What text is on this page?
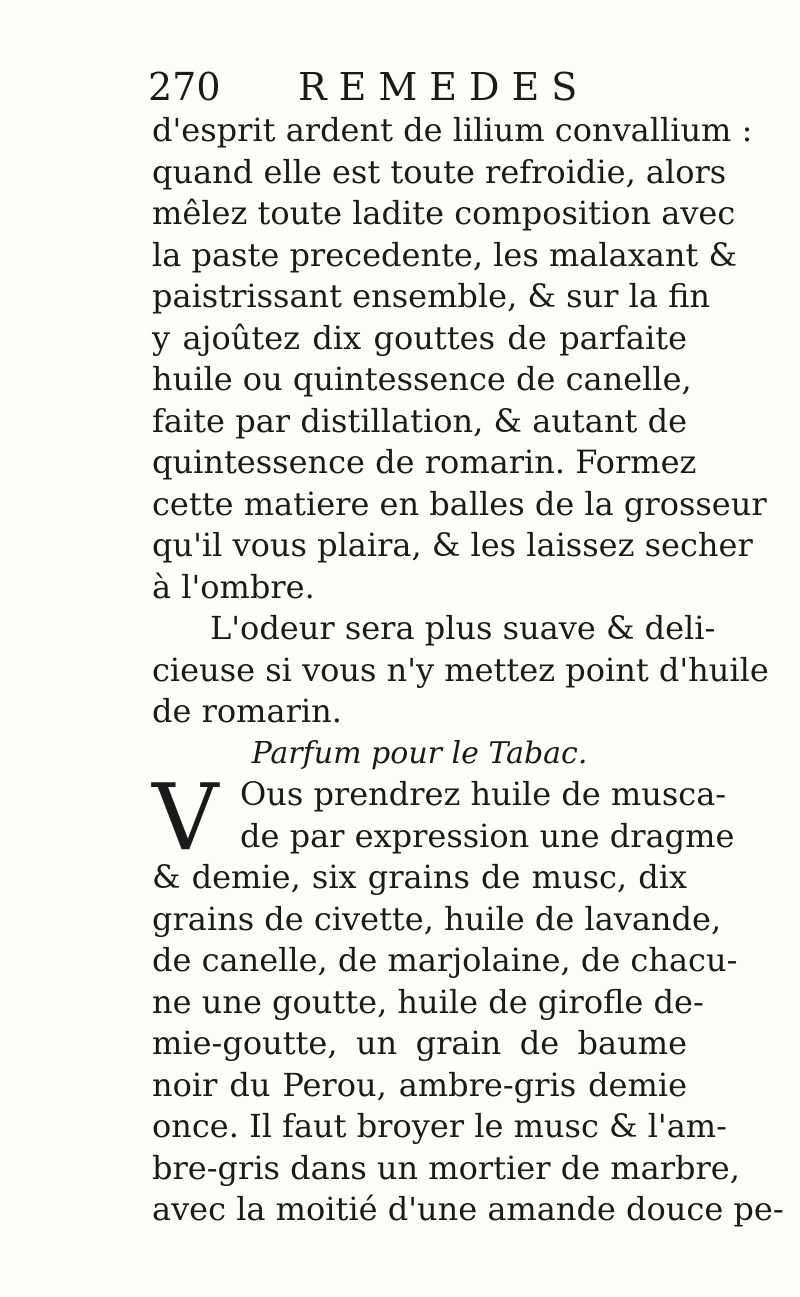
270 REMEDES
d'esprit ardent de lilium convallium :
quand elle est toute refroidie, alors
mêlez toute ladite composition avec
la paste precedente, les malaxant &
paistrissant ensemble, & sur la fin
y ajoûtez dix gouttes de parfaite
huile ou quintessence de canelle,
faite par distillation, & autant de
quintessence de romarin. Formez
cette matiere en balles de la grosseur
qu'il vous plaira, & les laissez secher
à l'ombre.
L'odeur sera plus suave & deli-
cieuse si vous n'y mettez point d'huile
de romarin.
Parfum pour le Tabac.
V Ous prendrez huile de musca-
de par expression une dragme
& demie, six grains de musc, dix
grains de civette, huile de lavande,
de canelle, de marjolaine, de chacu-
ne une goutte, huile de girofle de-
mie-goutte, un grain de baume
noir du Perou, ambre-gris demie
once. Il faut broyer le musc & l'am-
bre-gris dans un mortier de marbre,
avec la moitié d'une amande douce pe-
